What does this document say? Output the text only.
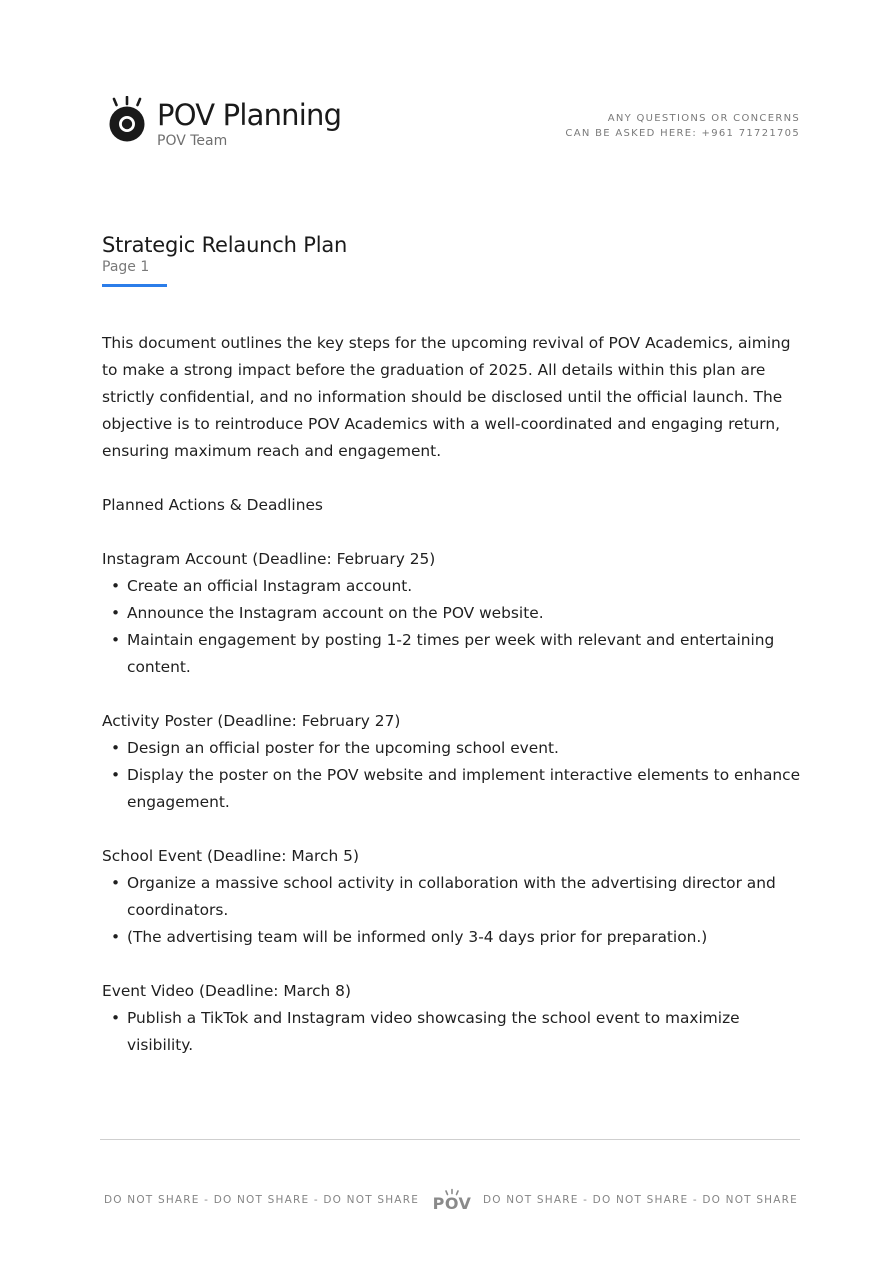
POV Planning
POV Team
ANY QUESTIONS OR CONCERNS
CAN BE ASKED HERE: +961 71721705
Strategic Relaunch Plan
Page 1

This document outlines the key steps for the upcoming revival of POV Academics, aiming to make a strong impact before the graduation of 2025. All details within this plan are strictly confidential, and no information should be disclosed until the official launch. The objective is to reintroduce POV Academics with a well-coordinated and engaging return, ensuring maximum reach and engagement.

Planned Actions & Deadlines

Instagram Account (Deadline: February 25)

• Create an official Instagram account.
• Announce the Instagram account on the POV website.
• Maintain engagement by posting 1-2 times per week with relevant and entertaining content.

Activity Poster (Deadline: February 27)

• Design an official poster for the upcoming school event.
• Display the poster on the POV website and implement interactive elements to enhance engagement.

School Event (Deadline: March 5)

• Organize a massive school activity in collaboration with the advertising director and coordinators.
• (The advertising team will be informed only 3-4 days prior for preparation.)

Event Video (Deadline: March 8)

• Publish a TikTok and Instagram video showcasing the school event to maximize visibility.
DO NOT SHARE - DO NOT SHARE - DO NOT SHARE POV DO NOT SHARE - DO NOT SHARE - DO NOT SHARE
